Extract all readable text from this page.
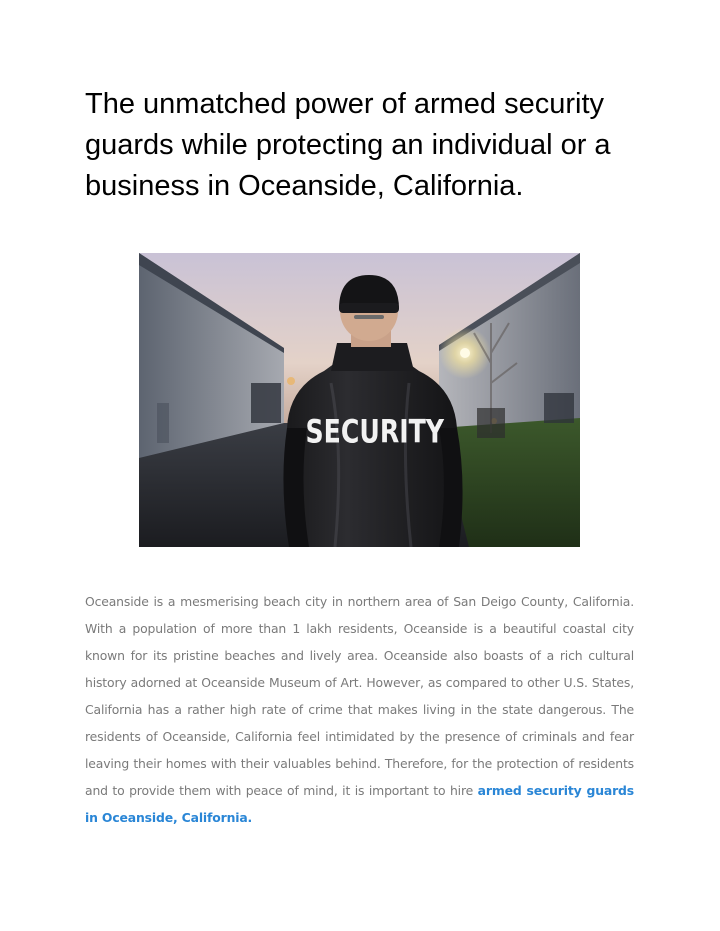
The unmatched power of armed security guards while protecting an individual or a business in Oceanside, California.
SECURITY

Oceanside is a mesmerising beach city in northern area of San Deigo County, California. With a population of more than 1 lakh residents, Oceanside is a beautiful coastal city known for its pristine beaches and lively area. Oceanside also boasts of a rich cultural history adorned at Oceanside Museum of Art. However, as compared to other U.S. States, California has a rather high rate of crime that makes living in the state dangerous. The residents of Oceanside, California feel intimidated by the presence of criminals and fear leaving their homes with their valuables behind. Therefore, for the protection of residents and to provide them with peace of mind, it is important to hire armed security guards in Oceanside, California.
